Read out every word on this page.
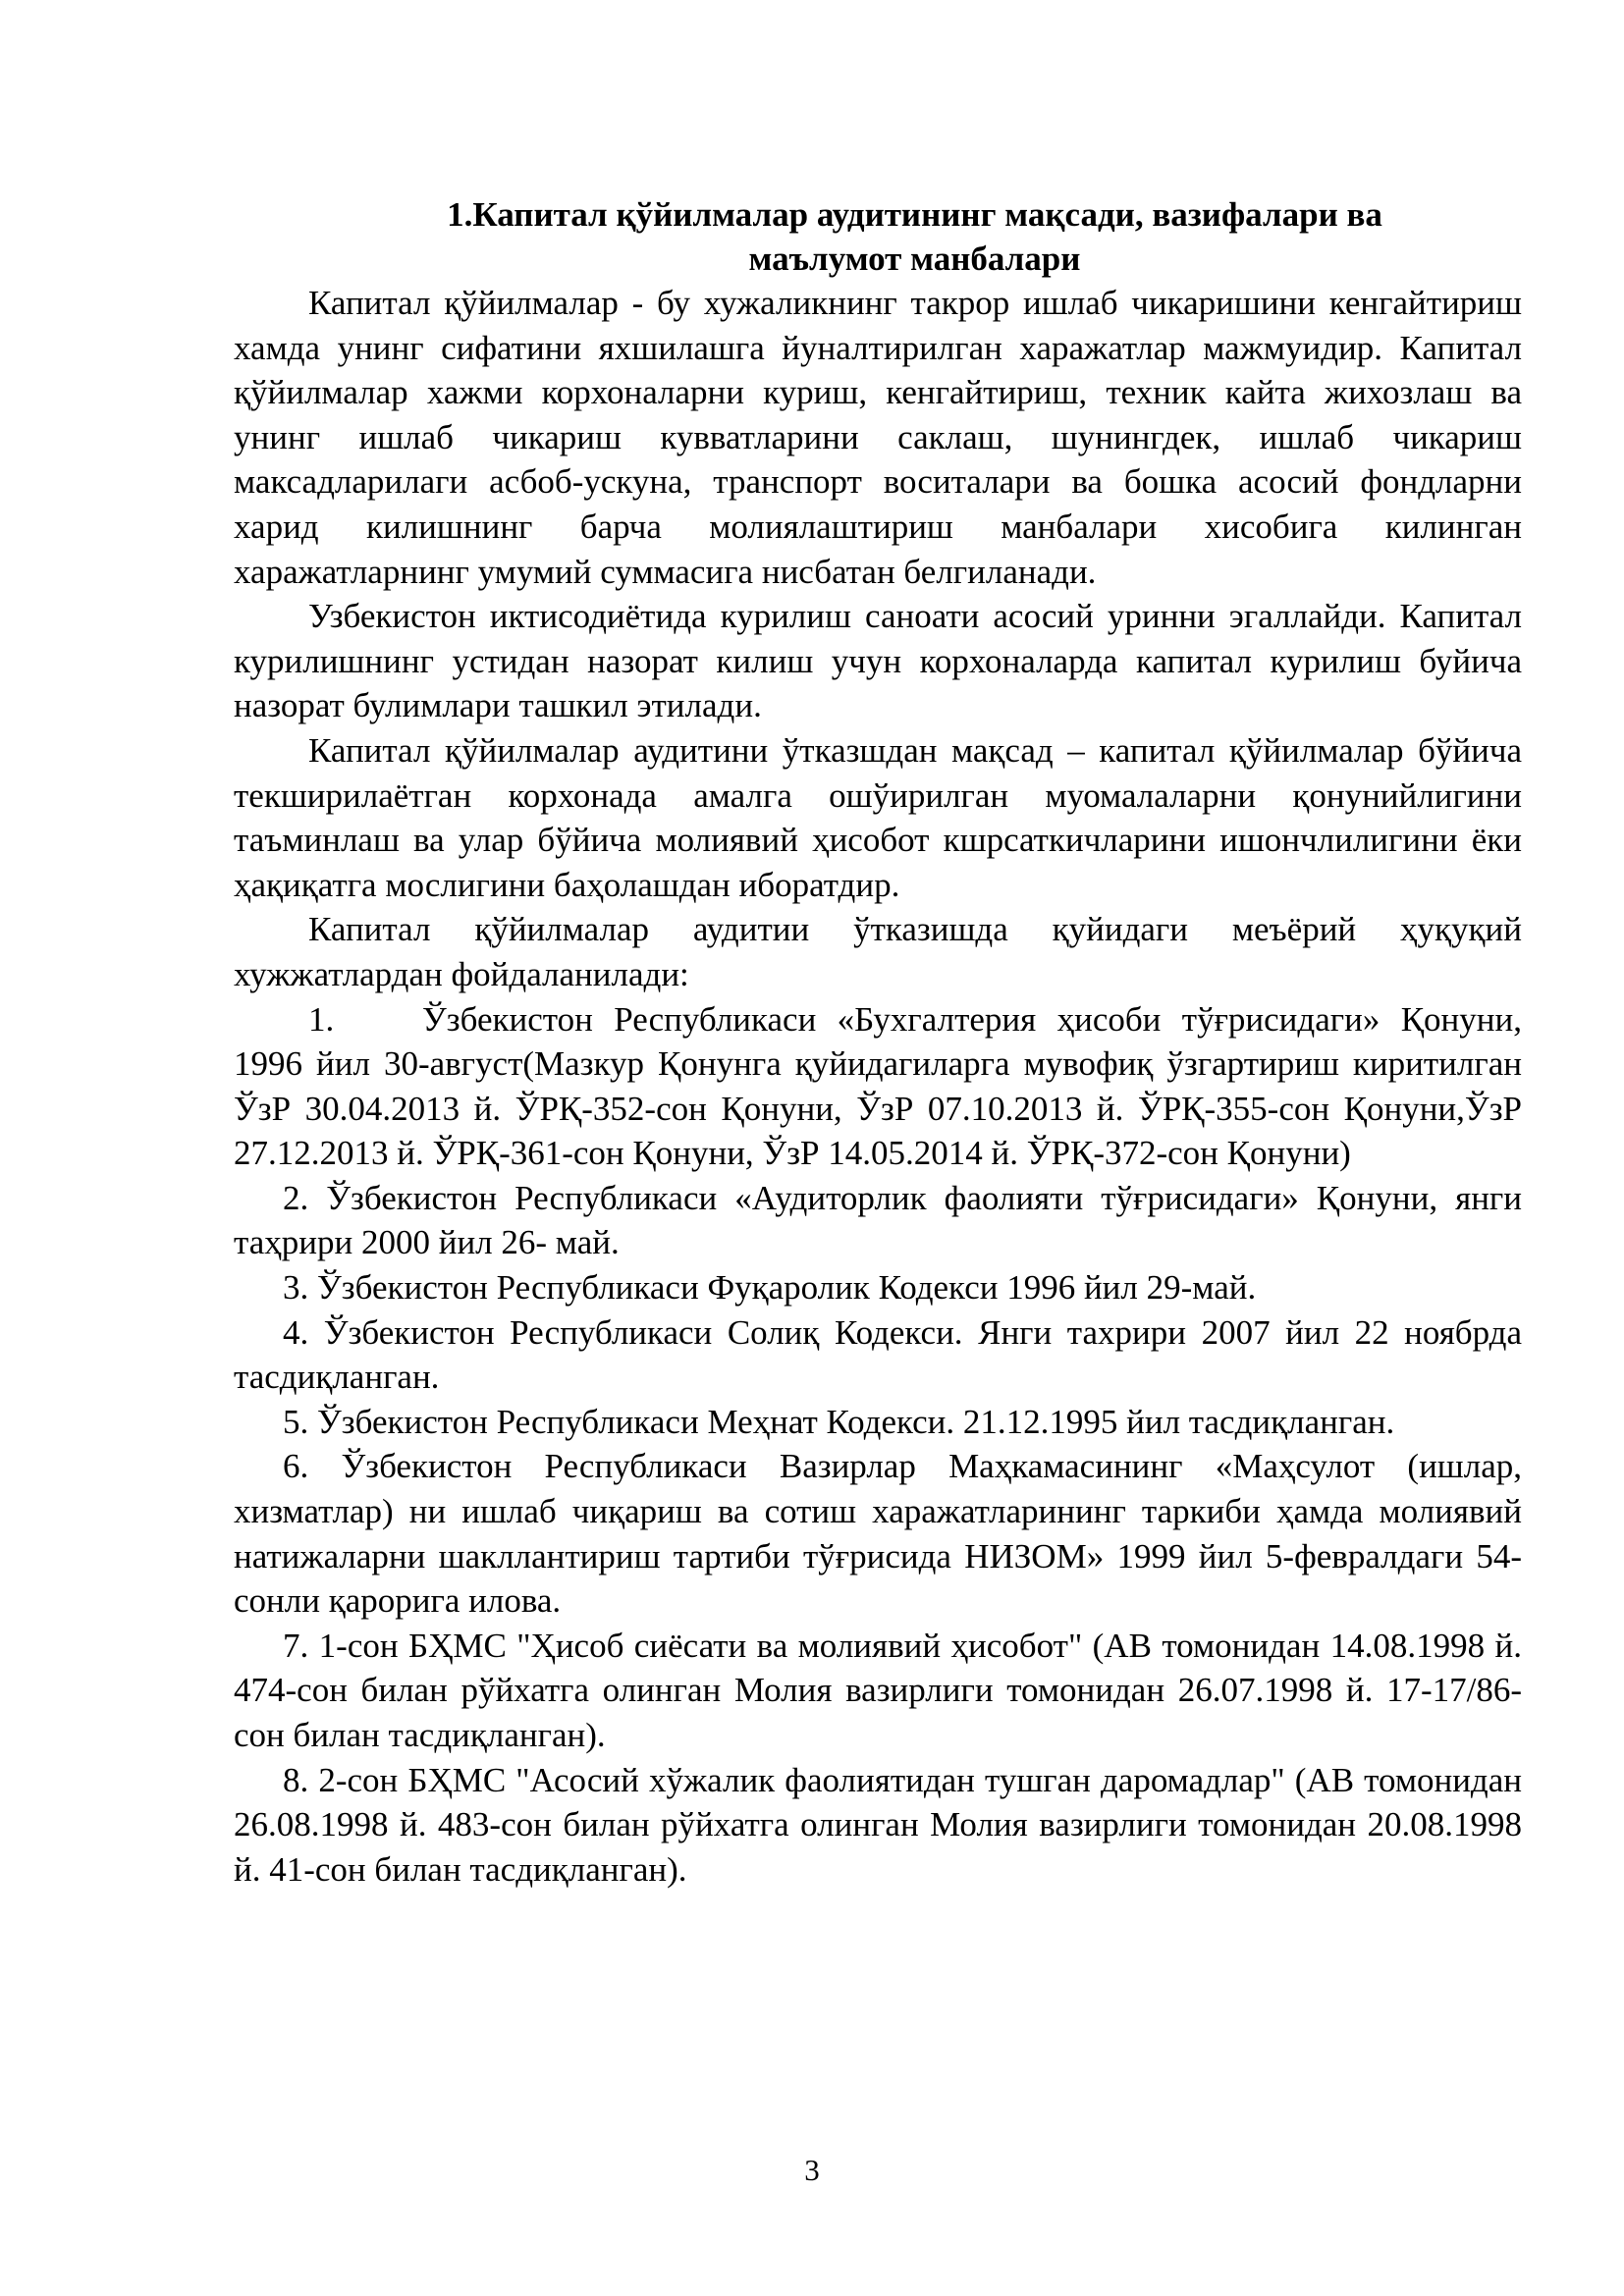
1.Капитал қўйилмалар аудитининг мақсади, вазифалари ва
маълумот манбалари

Капитал қўйилмалар - бу хужаликнинг такрор ишлаб чикаришини кенгайтириш хамда унинг сифатини яхшилашга йуналтирилган харажатлар мажмуидир. Капитал қўйилмалар хажми корхоналарни куриш, кенгайтириш, техник кайта жихозлаш ва унинг ишлаб чикариш кувватларини саклаш, шунингдек, ишлаб чикариш максадларилаги асбоб-ускуна, транспорт воситалари ва бошка асосий фондларни харид килишнинг барча молиялаштириш манбалари хисобига килинган харажатларнинг умумий суммасига нисбатан белгиланади.

Узбекистон иктисодиётида курилиш саноати асосий уринни эгаллайди. Капитал курилишнинг устидан назорат килиш учун корхоналарда капитал курилиш буйича назорат булимлари ташкил этилади.

Капитал қўйилмалар аудитини ўтказшдан мақсад – капитал қўйилмалар бўйича текширилаётган корхонада амалга ошўирилган муомалаларни қонунийлигини таъминлаш ва улар бўйича молиявий ҳисобот кшрсаткичларини ишончлилигини ёки ҳақиқатга мослигини баҳолашдан иборатдир.

Капитал қўйилмалар аудитии ўтказишда қуйидаги меъёрий ҳуқуқий хужжатлардан фойдаланилади:

1.	Ўзбекистон Республикаси «Бухгалтерия ҳисоби тўғрисидаги» Қонуни, 1996 йил 30-август(Мазкур Қонунга қуйидагиларга мувофиқ ўзгартириш киритилган ЎзР 30.04.2013 й. ЎРҚ-352-сон Қонуни, ЎзР 07.10.2013 й. ЎРҚ-355-сон Қонуни,ЎзР 27.12.2013 й. ЎРҚ-361-сон Қонуни, ЎзР 14.05.2014 й. ЎРҚ-372-сон Қонуни)

2. Ўзбекистон Республикаси «Аудиторлик фаолияти тўғрисидаги» Қонуни, янги таҳрири 2000 йил 26- май.

3. Ўзбекистон Республикаси Фуқаролик Кодекси 1996 йил 29-май.

4. Ўзбекистон Республикаси Солиқ Кодекси. Янги тахрири 2007 йил 22 ноябрда тасдиқланган.

5. Ўзбекистон Республикаси Меҳнат Кодекси. 21.12.1995 йил тасдиқланган.

6. Ўзбекистон Республикаси Вазирлар Маҳкамасининг «Маҳсулот (ишлар, хизматлар) ни ишлаб чиқариш ва сотиш харажатларининг таркиби ҳамда молиявий натижаларни шакллантириш тартиби тўғрисида НИЗОМ» 1999 йил 5-февралдаги 54-сонли қарорига илова.

7. 1-сон БҲМС "Ҳисоб сиёсати ва молиявий ҳисобот" (АВ томонидан 14.08.1998 й. 474-сон билан рўйхатга олинган Молия вазирлиги томонидан 26.07.1998 й. 17-17/86-сон билан тасдиқланган).

8. 2-сон БҲМС "Асосий хўжалик фаолиятидан тушган даромадлар" (АВ томонидан 26.08.1998 й. 483-сон билан рўйхатга олинган Молия вазирлиги томонидан 20.08.1998 й. 41-сон билан тасдиқланган).

3
